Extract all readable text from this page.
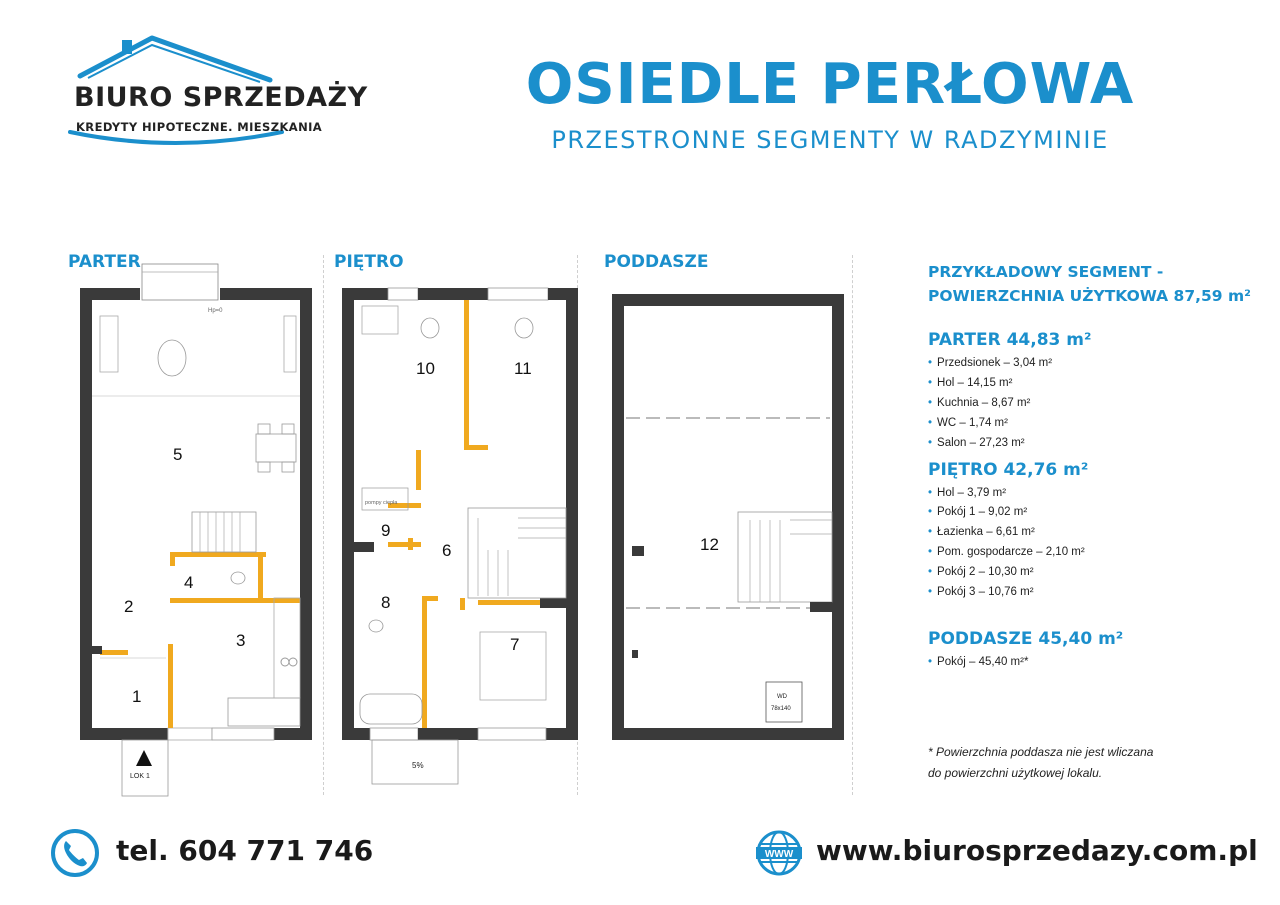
BIURO SPRZEDAŻY
KREDYTY HIPOTECZNE. MIESZKANIA
OSIEDLE PERŁOWA
PRZESTRONNE SEGMENTY W RADZYMINIE
PARTER	PIĘTRO	PODDASZE
LOK 1
Hp=0
5
2
4
3
1
pompy ciepła
5%
10	11
9
6
8
7
WD
78x140
12
PRZYKŁADOWY SEGMENT -
POWIERZCHNIA UŻYTKOWA 87,59 m²
PARTER 44,83 m²
• Przedsionek – 3,04 m²
• Hol – 14,15 m²
• Kuchnia – 8,67 m²
• WC – 1,74 m²
• Salon – 27,23 m²
PIĘTRO 42,76 m²
• Hol – 3,79 m²
• Pokój 1 – 9,02 m²
• Łazienka – 6,61 m²
• Pom. gospodarcze – 2,10 m²
• Pokój 2 – 10,30 m²
• Pokój 3 – 10,76 m²
PODDASZE 45,40 m²
• Pokój – 45,40 m²*
* Powierzchnia poddasza nie jest wliczana
do powierzchni użytkowej lokalu.
tel. 604 771 746	WWW www.biurosprzedazy.com.pl
